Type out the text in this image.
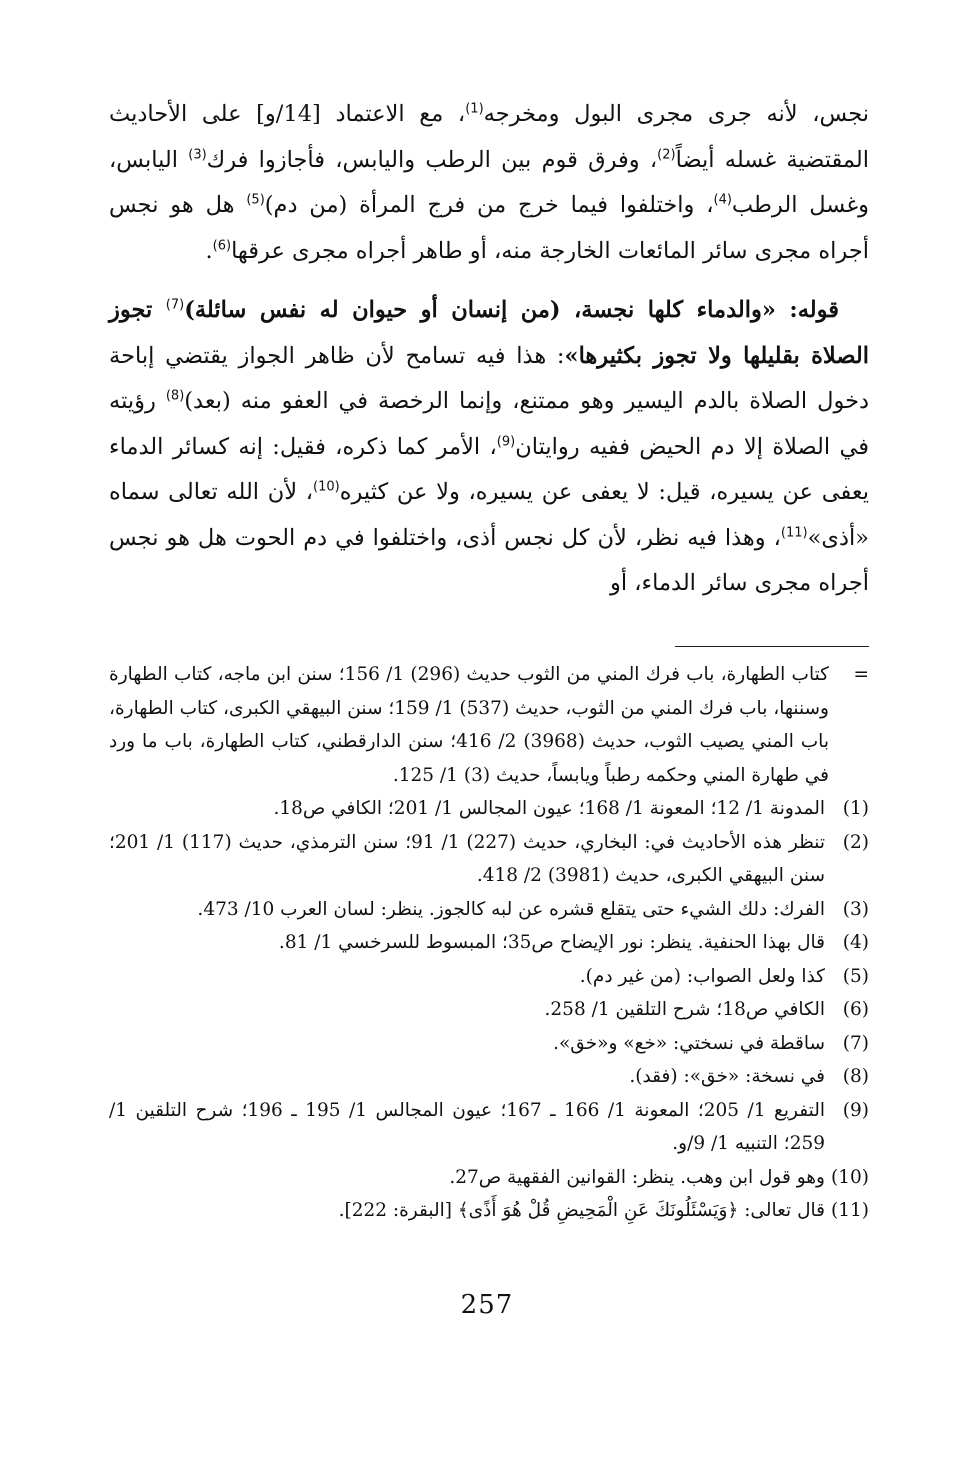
نجس، لأنه جرى مجرى البول ومخرجه$^{(1)}$، مع الاعتماد [14/و] على الأحاديث المقتضية غسله أيضاً$^{(2)}$، وفرق قوم بين الرطب واليابس، فأجازوا فرك$^{(3)}$ اليابس، وغسل الرطب$^{(4)}$، واختلفوا فيما خرج من فرج المرأة (من دم)$^{(5)}$ هل هو نجس أجراه مجرى سائر المائعات الخارجة منه، أو طاهر أجراه مجرى عرقها$^{(6)}$.

قوله: «والدماء كلها نجسة، (من إنسان أو حيوان له نفس سائلة)$^{(7)}$ تجوز الصلاة بقليلها ولا تجوز بكثيرها»: هذا فيه تسامح لأن ظاهر الجواز يقتضي إباحة دخول الصلاة بالدم اليسير وهو ممتنع، وإنما الرخصة في العفو منه (بعد)$^{(8)}$ رؤيته في الصلاة إلا دم الحيض ففيه روايتان$^{(9)}$، الأمر كما ذكره، فقيل: إنه كسائر الدماء يعفى عن يسيره، قيل: لا يعفى عن يسيره، ولا عن كثيره$^{(10)}$، لأن الله تعالى سماه «أذى»$^{(11)}$، وهذا فيه نظر، لأن كل نجس أذى، واختلفوا في دم الحوت هل هو نجس أجراه مجرى سائر الدماء، أو

=
كتاب الطهارة، باب فرك المني من الثوب حديث (296) 1/ 156؛ سنن ابن ماجه، كتاب الطهارة وسننها، باب فرك المني من الثوب، حديث (537) 1/ 159؛ سنن البيهقي الكبرى، كتاب الطهارة، باب المني يصيب الثوب، حديث (3968) 2/ 416؛ سنن الدارقطني، كتاب الطهارة، باب ما ورد في طهارة المني وحكمه رطباً ويابساً، حديث (3) 1/ 125.
(1)
المدونة 1/ 12؛ المعونة 1/ 168؛ عيون المجالس 1/ 201؛ الكافي ص18.
(2)
تنظر هذه الأحاديث في: البخاري، حديث (227) 1/ 91؛ سنن الترمذي، حديث (117) 1/ 201؛ سنن البيهقي الكبرى، حديث (3981) 2/ 418.
(3)
الفرك: دلك الشيء حتى يتقلع قشره عن لبه كالجوز. ينظر: لسان العرب 10/ 473.
(4)
قال بهذا الحنفية. ينظر: نور الإيضاح ص35؛ المبسوط للسرخسي 1/ 81.
(5)
كذا ولعل الصواب: (من غير دم).
(6)
الكافي ص18؛ شرح التلقين 1/ 258.
(7)
ساقطة في نسختي: «خع» و«خق».
(8)
في نسخة: «خق»: (فقد).
(9)
التفريع 1/ 205؛ المعونة 1/ 166 ـ 167؛ عيون المجالس 1/ 195 ـ 196؛ شرح التلقين 1/ 259؛ التنبيه 1/ 9/و.
(10)
وهو قول ابن وهب. ينظر: القوانين الفقهية ص27.
(11)
قال تعالى: ﴿وَيَسْئَلُونَكَ عَنِ الْمَحِيضِ قُلْ هُوَ أَذًى﴾ [البقرة: 222].
257
